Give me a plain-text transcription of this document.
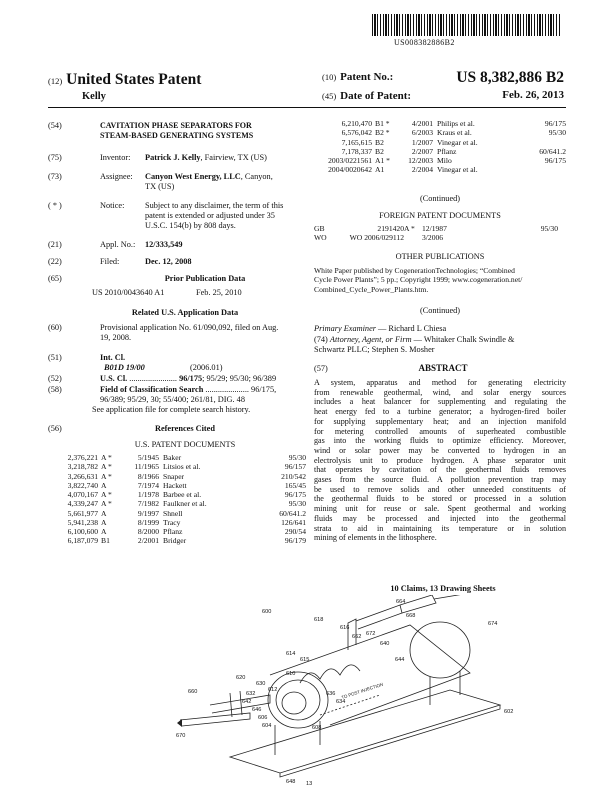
US008382886B2
(12) United States Patent
Kelly
(10) Patent No.:	US 8,382,886 B2
(45) Date of Patent:	Feb. 26, 2013
(54)	CAVITATION PHASE SEPARATORS FOR
STEAM-BASED GENERATING SYSTEMS
(75)	Inventor: Patrick J. Kelly, Fairview, TX (US)
(73)	Assignee: Canyon West Energy, LLC, Canyon,
TX (US)
( * )	Notice: Subject to any disclaimer, the term of this
patent is extended or adjusted under 35
U.S.C. 154(b) by 808 days.
(21)	Appl. No.: 12/333,549
(22)	Filed:	Dec. 12, 2008
(65)	Prior Publication Data
US 2010/0043640 A1	Feb. 25, 2010
Related U.S. Application Data
(60)	Provisional application No. 61/090,092, filed on Aug.
19, 2008.
(51)	Int. Cl.
B01D 19/00	(2006.01)
(52)	U.S. Cl. ....................... 96/175; 95/29; 95/30; 96/389
(58)	Field of Classification Search ..................... 96/175,
96/389; 95/29, 30; 55/400; 261/81, DIG. 48
See application file for complete search history.
(56)	References Cited
U.S. PATENT DOCUMENTS
2,376,221 A *	5/1945 Baker	95/30
3,218,782 A *	11/1965 Litsios et al.	96/157
3,266,631 A *	8/1966 Snaper	210/542
3,822,740 A	7/1974 Hackett	165/45
4,070,167 A *	1/1978 Barbee et al.	96/175
4,339,247 A *	7/1982 Faulkner et al.	95/30
5,661,977 A	9/1997 Shnell	60/641.2
5,941,238 A	8/1999 Tracy	126/641
6,100,600 A	8/2000 Pflanz	290/54
6,187,079 B1	2/2001 Bridger	96/179
6,210,470 B1 *	4/2001 Philips et al.	96/175
6,576,042 B2 *	6/2003 Kraus et al.	95/30
7,165,615 B2	1/2007 Vinegar et al.
7,178,337 B2	2/2007 Pflanz	60/641.2
2003/0221561 A1 *	12/2003 Milo	96/175
2004/0020642 A1	2/2004 Vinegar et al.
(Continued)
FOREIGN PATENT DOCUMENTS
GB	2191420 A * 12/1987	95/30
WO	WO 2006/029112 3/2006
OTHER PUBLICATIONS
White Paper published by CogenerationTechnologies; “Combined
Cycle Power Plants”; 5 pp.; Copyright 1999; www.cogeneration.net/
Combined_Cycle_Power_Plants.htm.
(Continued)
Primary Examiner — Richard L Chiesa
(74) Attorney, Agent, or Firm — Whitaker Chalk Swindle &
Schwartz PLLC; Stephen S. Mosher
(57)	ABSTRACT
A system, apparatus and method for generating electricity
from renewable geothermal, wind, and solar energy sources
includes a heat balancer for supplementing and regulating the
heat energy fed to a turbine generator; a hydrogen-fired boiler
for supplying supplementary heat; and an injection manifold
for metering controlled amounts of superheated combustible
gas into the working fluids to optimize efficiency. Moreover,
wind or solar power may be converted to hydrogen in an
electrolysis unit to produce hydrogen. A phase separator unit
that operates by cavitation of the geothermal fluids removes
gases from the source fluid. A pollution prevention trap may
be used to remove solids and other unneeded constituents of
the geothermal fluids to be stored or processed in a solution
mining unit for reuse or sale. Spent geothermal and working
fluids may be processed and injected into the geothermal
strata to aid in maintaining its temperature or in solution
mining of elements in the lithosphere.
10 Claims, 13 Drawing Sheets
664
674
618
616
662 672
668
640
600
614
615
610
620
612
644
630
636
634
632
642
646
660
606
604	608
670
648
602
13
TO POST INJECTION
